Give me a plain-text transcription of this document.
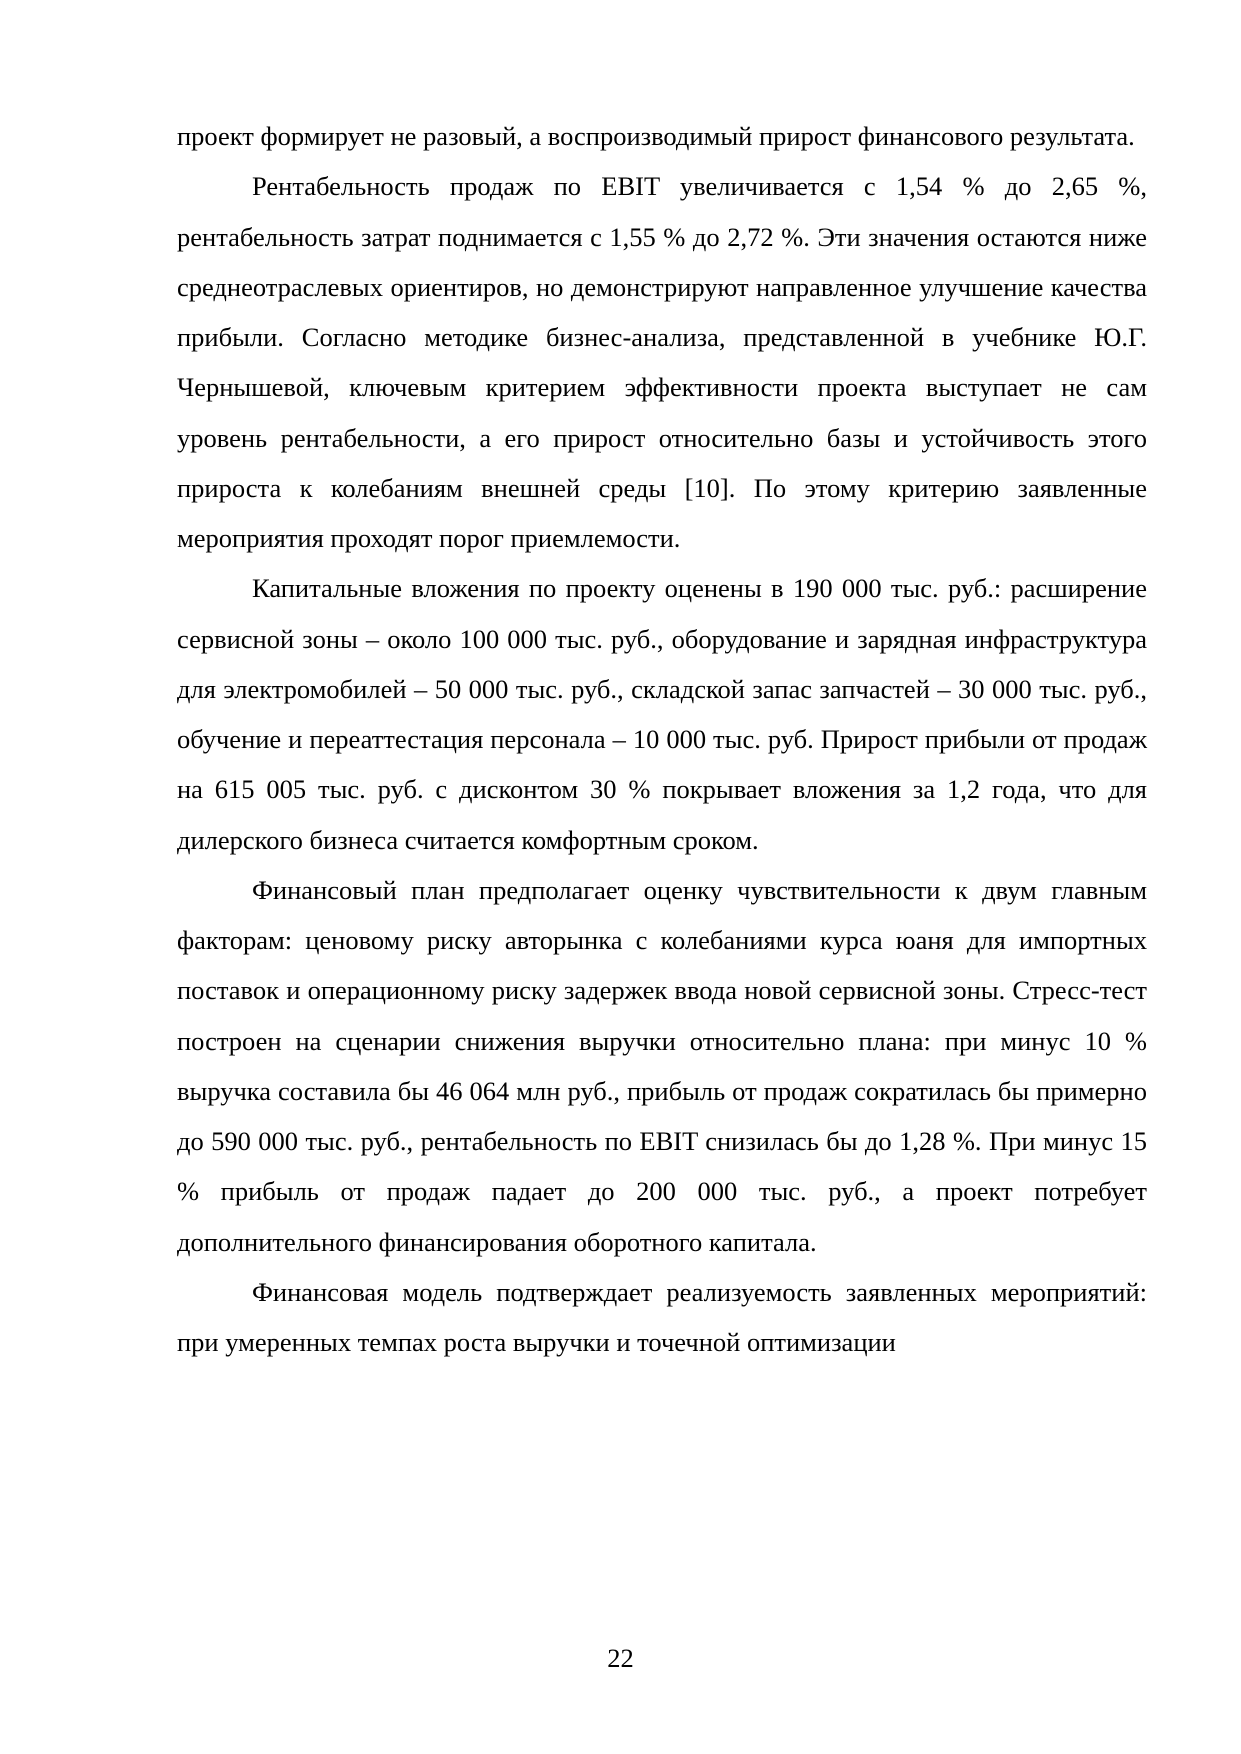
проект формирует не разовый, а воспроизводимый прирост финансового результата.

Рентабельность продаж по EBIT увеличивается с 1,54 % до 2,65 %, рентабельность затрат поднимается с 1,55 % до 2,72 %. Эти значения остаются ниже среднеотраслевых ориентиров, но демонстрируют направленное улучшение качества прибыли. Согласно методике бизнес-анализа, представленной в учебнике Ю.Г. Чернышевой, ключевым критерием эффективности проекта выступает не сам уровень рентабельности, а его прирост относительно базы и устойчивость этого прироста к колебаниям внешней среды [10]. По этому критерию заявленные мероприятия проходят порог приемлемости.

Капитальные вложения по проекту оценены в 190 000 тыс. руб.: расширение сервисной зоны – около 100 000 тыс. руб., оборудование и зарядная инфраструктура для электромобилей – 50 000 тыс. руб., складской запас запчастей – 30 000 тыс. руб., обучение и переаттестация персонала – 10 000 тыс. руб. Прирост прибыли от продаж на 615 005 тыс. руб. с дисконтом 30 % покрывает вложения за 1,2 года, что для дилерского бизнеса считается комфортным сроком.

Финансовый план предполагает оценку чувствительности к двум главным факторам: ценовому риску авторынка с колебаниями курса юаня для импортных поставок и операционному риску задержек ввода новой сервисной зоны. Стресс-тест построен на сценарии снижения выручки относительно плана: при минус 10 % выручка составила бы 46 064 млн руб., прибыль от продаж сократилась бы примерно до 590 000 тыс. руб., рентабельность по EBIT снизилась бы до 1,28 %. При минус 15 % прибыль от продаж падает до 200 000 тыс. руб., а проект потребует дополнительного финансирования оборотного капитала.

Финансовая модель подтверждает реализуемость заявленных мероприятий: при умеренных темпах роста выручки и точечной оптимизации

22
